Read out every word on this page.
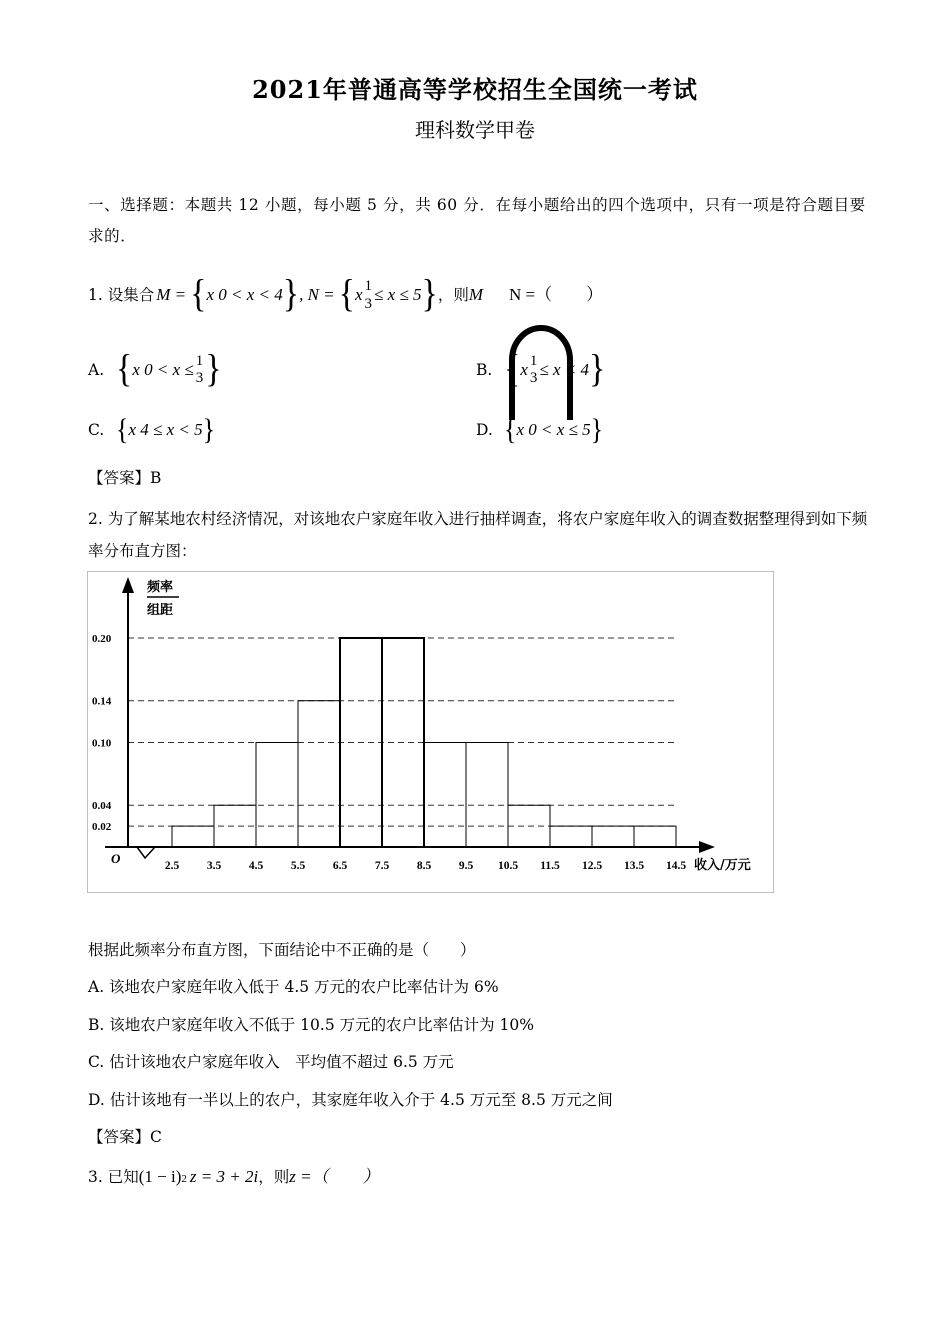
2021年普通高等学校招生全国统一考试
理科数学甲卷
一、选择题：本题共 12 小题，每小题 5 分，共 60 分．在每小题给出的四个选项中，只有一项是符合题目要求的．
1.
设集合 M = { x 0 < x < 4 } , N = { x 1
3 ≤ x ≤ 5 } ，则 M N =（　　）
A. { x 0 < x ≤ 1
3 }	B. { x 1
3 ≤ x < 4 }
C. { x 4 ≤ x < 5 }	D. { x 0 < x ≤ 5 }
【答案】B
2. 为了解某地农村经济情况，对该地农户家庭年收入进行抽样调查，将农户家庭年收入的调查数据整理得到如下频率分布直方图：
0.02
0.04
0.10
0.14
0.20
频率
组距
O	2.5 3.5 4.5 5.5 6.5 7.5 8.5 9.5 10.5 11.5 12.5 13.5 14.5 收入/万元
根据此频率分布直方图，下面结论中不正确的是（　　）
A. 该地农户家庭年收入低于 4.5 万元的农户比率估计为 6%
B. 该地农户家庭年收入不低于 10.5 万元的农户比率估计为 10%
C. 估计该地农户家庭年收入　平均值不超过 6.5 万元
D. 估计该地有一半以上的农户，其家庭年收入介于 4.5 万元至 8.5 万元之间
【答案】C
3.
已知 (1 − i) 2 z = 3 + 2i ，则 z =（　　）
